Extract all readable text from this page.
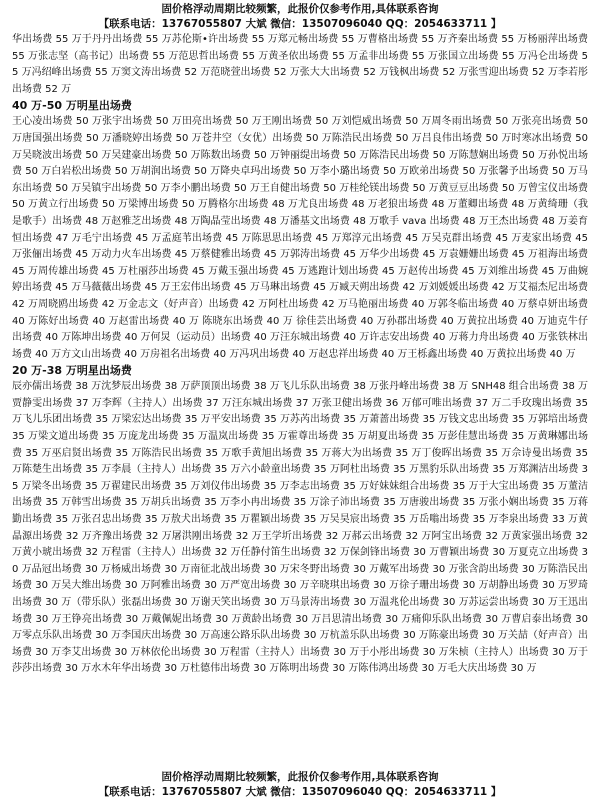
固价格浮动周期比较频繁，此报价仅参考作用,具体联系咨询
【联系电话：13767055807 大斌 微信：13507096040 QQ：2054633711 】

华出场费 55 万于丹丹出场费 55 万苏伦斯•许出场费 55 万郑元畅出场费 55 万曹格出场费 55 万齐秦出场费 55 万杨丽萍出场费 55 万张志坚（高书记）出场费 55 万范思哲出场费 55 万黄圣依出场费 55 万孟非出场费 55 万张国立出场费 55 万冯仑出场费 55 万冯绍峰出场费 55 万窦文涛出场费 52 万范晓萱出场费 52 万张大大出场费 52 万钱枫出场费 52 万张雪迎出场费 52 万李若彤出场费 52 万

40 万-50 万明星出场费

王心凌出场费 50 万张宇出场费 50 万田亮出场费 50 万王刚出场费 50 万刘恺威出场费 50 万周冬雨出场费 50 万张亮出场费 50 万唐国强出场费 50 万潘晓婷出场费 50 万苍井空（女优）出场费 50 万陈浩民出场费 50 万吕良伟出场费 50 万时寒冰出场费 50 万吴晓波出场费 50 万吴建豪出场费 50 万陈数出场费 50 万钟丽缇出场费 50 万陈浩民出场费 50 万陈慧娴出场费 50 万孙悦出场费 50 万白岩松出场费 50 万胡润出场费 50 万降央卓玛出场费 50 万李小璐出场费 50 万欧弟出场费 50 万张馨予出场费 50 万马东出场费 50 万吴镇宇出场费 50 万李小鹏出场费 50 万王自健出场费 50 万桂纶镁出场费 50 万黄豆豆出场费 50 万曾宝仪出场费 50 万黄立行出场费 50 万梁博出场费 50 万腾格尔出场费 48 万尤良出场费 48 万老狼出场费 48 万董卿出场费 48 万黄绮珊（我是歌手）出场费 48 万赵雅芝出场费 48 万陶晶莹出场费 48 万潘基文出场费 48 万歌手 vava 出场费 48 万王杰出场费 48 万姜育恒出场费 47 万毛宁出场费 45 万孟庭苇出场费 45 万陈思思出场费 45 万郑淳元出场费 45 万吴克群出场费 45 万麦家出场费 45 万张俪出场费 45 万动力火车出场费 45 万蔡健雅出场费 45 万郭涛出场费 45 万华少出场费 45 万袁姗姗出场费 45 万祖海出场费 45 万周传雄出场费 45 万杜丽莎出场费 45 万戴玉强出场费 45 万逃跑计划出场费 45 万赵传出场费 45 万刘维出场费 45 万曲婉婷出场费 45 万马薇薇出场费 45 万王宏伟出场费 45 万马琳出场费 45 万臧天朔出场费 42 万刘媛媛出场费 42 万艾福杰尼出场费 42 万周晓鸥出场费 42 万金志文（好声音）出场费 42 万阿杜出场费 42 万马艳丽出场费 40 万郭冬临出场费 40 万蔡卓妍出场费 40 万陈好出场费 40 万赵雷出场费 40 万 陈晓东出场费 40 万 徐佳芸出场费 40 万孙郡出场费 40 万黄拉出场费 40 万迪克牛仔出场费 40 万陈坤出场费 40 万何炅（运动员）出场费 40 万汪东城出场费 40 万许志安出场费 40 万蒋力舟出场费 40 万张铁林出场费 40 万方文山出场费 40 万房祖名出场费 40 万冯巩出场费 40 万赵忠祥出场费 40 万王栎鑫出场费 40 万黄拉出场费 40 万

20 万-38 万明星出场费

辰亦儒出场费 38 万沈梦辰出场费 38 万萨顶顶出场费 38 万飞儿乐队出场费 38 万张丹峰出场费 38 万 SNH48 组合出场费 38 万贾静雯出场费 37 万李辉（主持人）出场费 37 万汪东城出场费 37 万张卫健出场费 36 万郁可唯出场费 37 万二手玫瑰出场费 35 万飞儿乐团出场费 35 万梁宏达出场费 35 万平安出场费 35 万苏芮出场费 35 万萧蔷出场费 35 万钱文忠出场费 35 万郭培出场费 35 万梁文道出场费 35 万庞龙出场费 35 万温岚出场费 35 万霍尊出场费 35 万胡夏出场费 35 万彭佳慧出场费 35 万黄琳娜出场费 35 万巫启贤出场费 35 万陈浩民出场费 35 万歌手黄旭出场费 35 万蒋大为出场费 35 万丁俊晖出场费 35 万佘诗曼出场费 35 万陈楚生出场费 35 万李晨（主持人）出场费 35 万六小龄童出场费 35 万阿杜出场费 35 万黑豹乐队出场费 35 万郑渊洁出场费 35 万梁冬出场费 35 万翟建民出场费 35 万刘仪伟出场费 35 万李志出场费 35 万好妹妹组合出场费 35 万于大宝出场费 35 万董洁出场费 35 万韩雪出场费 35 万胡兵出场费 35 万李小冉出场费 35 万涂子沛出场费 35 万唐骏出场费 35 万张小娴出场费 35 万蒋勤出场费 35 万张召忠出场费 35 万敖犬出场费 35 万瞿颖出场费 35 万吴昊宸出场费 35 万岳嗡出场费 35 万李泉出场费 33 万黄晶源出场费 32 万齐豫出场费 32 万屠洪刚出场费 32 万王学圻出场费 32 万郝云出场费 32 万阿宝出场费 32 万黄家强出场费 32 万黄小琥出场费 32 万程雷（主持人）出场费 32 万任静付笛生出场费 32 万保剑锋出场费 30 万曹颖出场费 30 万夏克立出场费 30 万品冠出场费 30 万杨威出场费 30 万南征北战出场费 30 万宋冬野出场费 30 万戴军出场费 30 万张含韵出场费 30 万陈浩民出场费 30 万吴大维出场费 30 万阿雅出场费 30 万严宽出场费 30 万辛晓琪出场费 30 万徐子珊出场费 30 万胡静出场费 30 万罗琦出场费 30 万（带乐队）张磊出场费 30 万谢天笑出场费 30 万马景涛出场费 30 万温兆伦出场费 30 万苏运尝出场费 30 万王迅出场费 30 万王铮亮出场费 30 万戴佩妮出场费 30 万黄龄出场费 30 万吕思清出场费 30 万痛仰乐队出场费 30 万曹启泰出场费 30 万零点乐队出场费 30 万李国庆出场费 30 万高速公路乐队出场费 30 万杭盖乐队出场费 30 万陈豪出场费 30 万关喆（好声音）出场费 30 万李艾出场费 30 万林依伦出场费 30 万程雷（主持人）出场费 30 万于小彤出场费 30 万朱桢（主持人）出场费 30 万于莎莎出场费 30 万水木年华出场费 30 万杜德伟出场费 30 万陈明出场费 30 万陈伟鸿出场费 30 万毛大庆出场费 30 万

固价格浮动周期比较频繁，此报价仅参考作用,具体联系咨询
【联系电话：13767055807 大斌 微信：13507096040 QQ：2054633711 】
